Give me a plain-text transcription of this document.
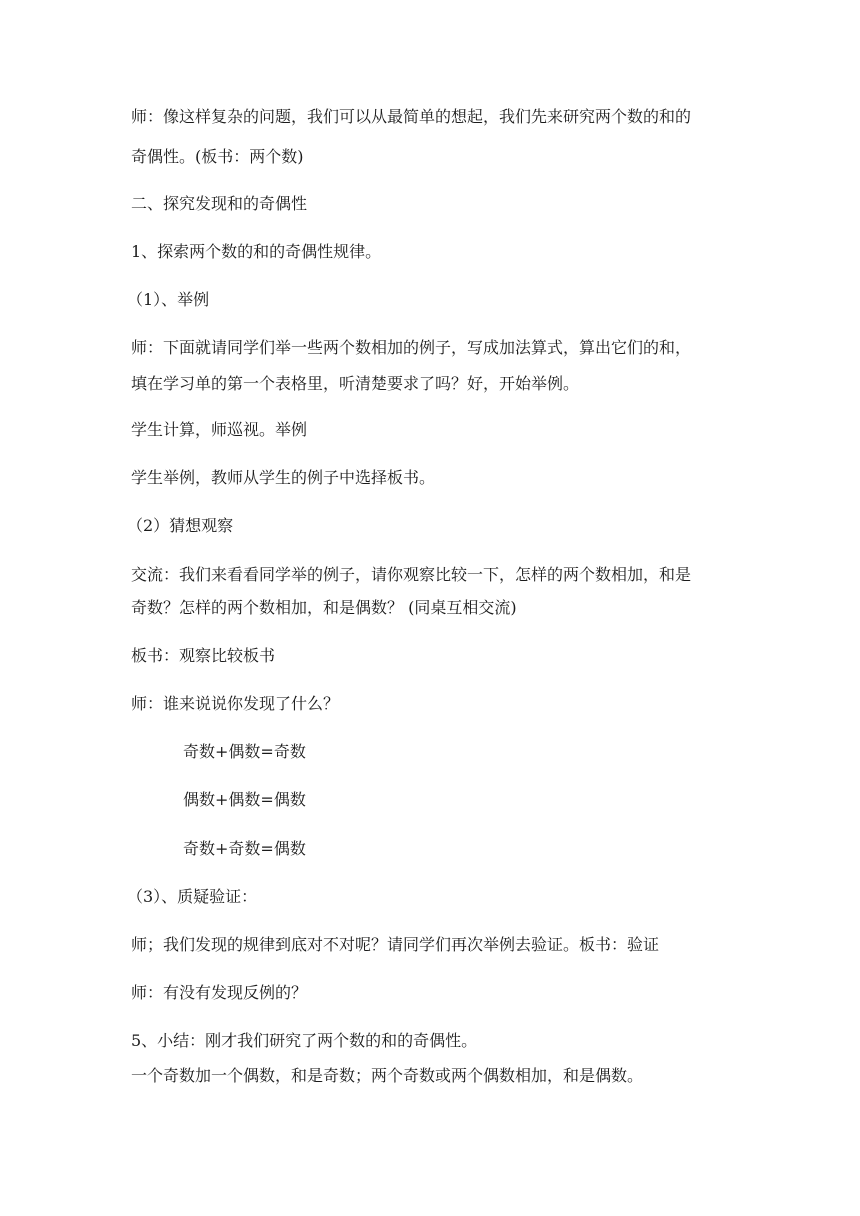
师：像这样复杂的问题，我们可以从最简单的想起，我们先来研究两个数的和的
奇偶性。(板书：两个数)
二、探究发现和的奇偶性
1、探索两个数的和的奇偶性规律。
（1）、举例
师：下面就请同学们举一些两个数相加的例子，写成加法算式，算出它们的和，
填在学习单的第一个表格里，听清楚要求了吗？好，开始举例。
学生计算，师巡视。举例
学生举例，教师从学生的例子中选择板书。
（2）猜想观察
交流：我们来看看同学举的例子，请你观察比较一下，怎样的两个数相加，和是
奇数？怎样的两个数相加，和是偶数？ (同桌互相交流)
板书：观察比较板书
师：谁来说说你发现了什么？
奇数+偶数=奇数
偶数+偶数=偶数
奇数+奇数=偶数
（3）、质疑验证：
师；我们发现的规律到底对不对呢？请同学们再次举例去验证。板书：验证
师：有没有发现反例的？
5、小结：刚才我们研究了两个数的和的奇偶性。
一个奇数加一个偶数，和是奇数；两个奇数或两个偶数相加，和是偶数。
